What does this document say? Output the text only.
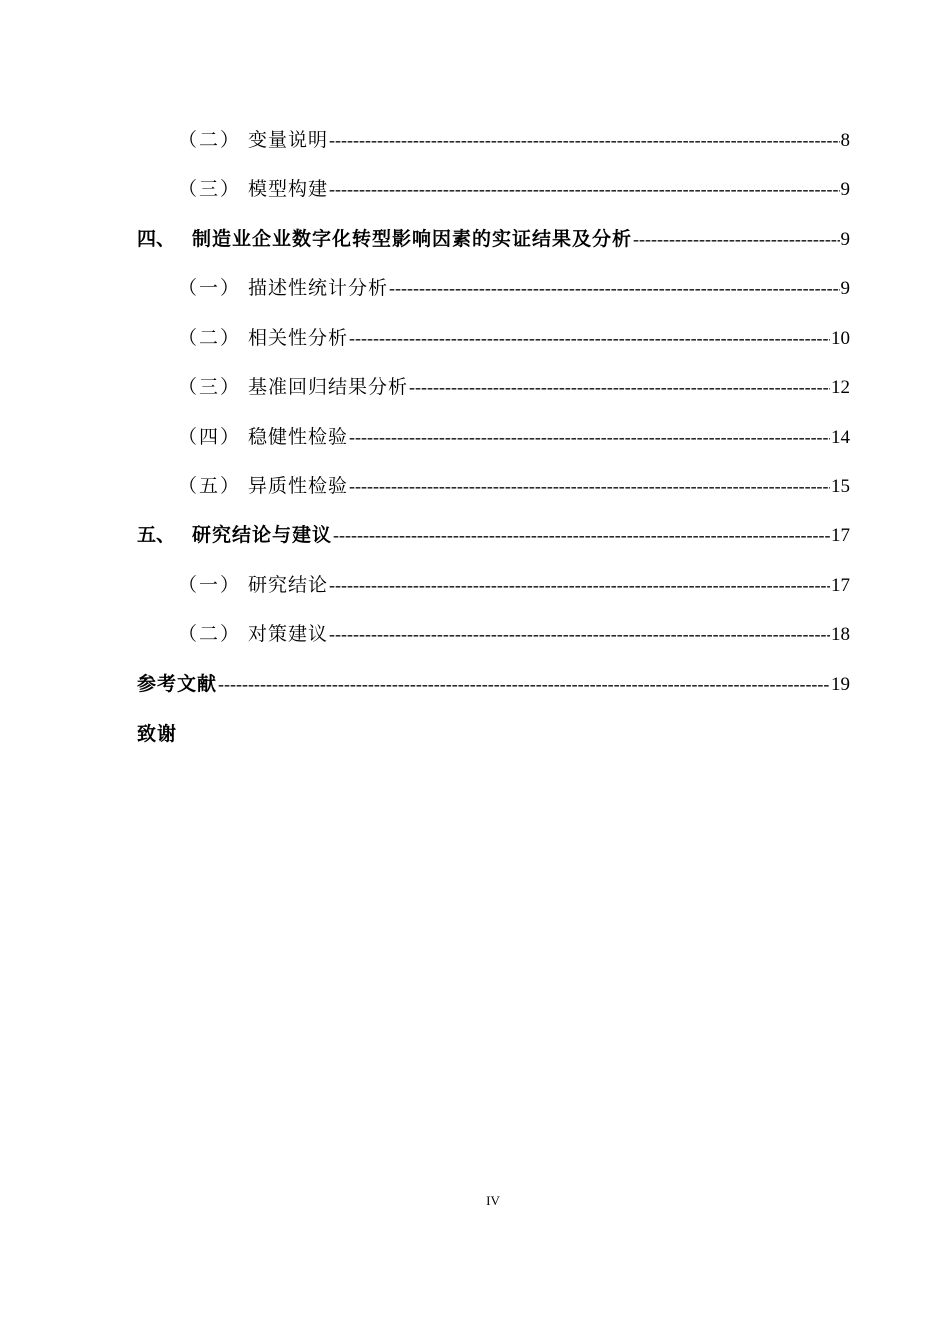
（二） 变量说明 -----	8
（三） 模型构建 -----	9
四、 制造业企业数字化转型影响因素的实证结果及分析 -----	9
（一） 描述性统计分析 -----	9
（二） 相关性分析 -----	10
（三） 基准回归结果分析 -----	12
（四） 稳健性检验 -----	14
（五） 异质性检验 -----	15
五、 研究结论与建议 -----	17
（一） 研究结论 -----	17
（二） 对策建议 -----	18
参考文献 -----	19
致谢
IV
